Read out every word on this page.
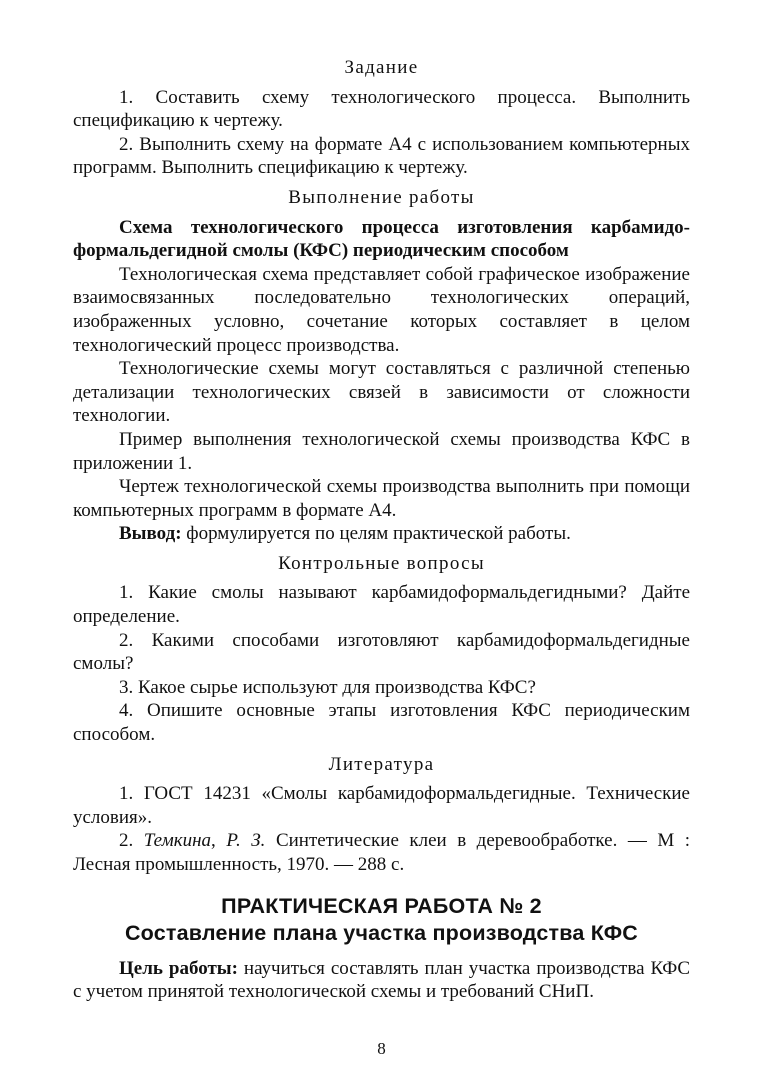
Задание

1. Составить схему технологического процесса. Выполнить спецификацию к чертежу.

2. Выполнить схему на формате А4 с использованием компьютерных программ. Выполнить спецификацию к чертежу.

Выполнение работы

Схема технологического процесса изготовления карбамидоформальдегидной смолы (КФС) периодическим способом

Технологическая схема представляет собой графическое изображение взаимосвязанных последовательно технологических операций, изображенных условно, сочетание которых составляет в целом технологический процесс производства.

Технологические схемы могут составляться с различной степенью детализации технологических связей в зависимости от сложности технологии.

Пример выполнения технологической схемы производства КФС в приложении 1.

Чертеж технологической схемы производства выполнить при помощи компьютерных программ в формате А4.

Вывод: формулируется по целям практической работы.

Контрольные вопросы

1. Какие смолы называют карбамидоформальдегидными? Дайте определение.

2. Какими способами изготовляют карбамидоформальдегидные смолы?

3. Какое сырье используют для производства КФС?

4. Опишите основные этапы изготовления КФС периодическим способом.

Литература

1. ГОСТ 14231 «Смолы карбамидоформальдегидные. Технические условия».

2. Темкина, Р. З. Синтетические клеи в деревообработке. — М : Лесная промышленность, 1970. — 288 с.

ПРАКТИЧЕСКАЯ РАБОТА № 2

Составление плана участка производства КФС

Цель работы: научиться составлять план участка производства КФС с учетом принятой технологической схемы и требований СНиП.

8
